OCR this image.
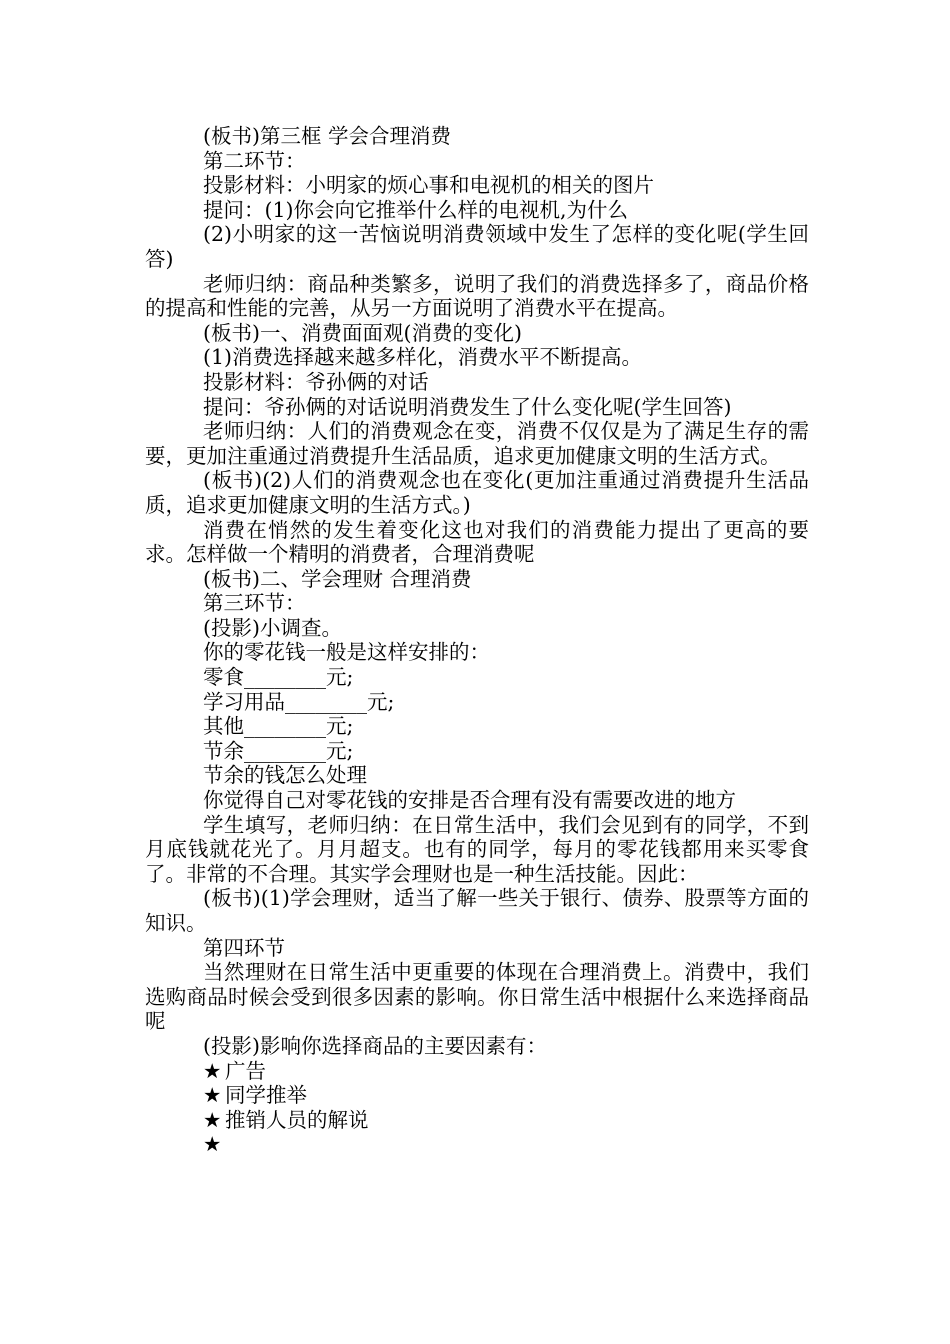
(板书)第三框 学会合理消费

第二环节：

投影材料：小明家的烦心事和电视机的相关的图片

提问：(1)你会向它推举什么样的电视机,为什么

(2)小明家的这一苦恼说明消费领域中发生了怎样的变化呢(学生回答)

老师归纳：商品种类繁多，说明了我们的消费选择多了，商品价格的提高和性能的完善，从另一方面说明了消费水平在提高。

(板书)一、消费面面观(消费的变化)

(1)消费选择越来越多样化，消费水平不断提高。

投影材料：爷孙俩的对话

提问：爷孙俩的对话说明消费发生了什么变化呢(学生回答)

老师归纳：人们的消费观念在变，消费不仅仅是为了满足生存的需要，更加注重通过消费提升生活品质，追求更加健康文明的生活方式。

(板书)(2)人们的消费观念也在变化(更加注重通过消费提升生活品质，追求更加健康文明的生活方式。)

消费在悄然的发生着变化这也对我们的消费能力提出了更高的要求。怎样做一个精明的消费者，合理消费呢

(板书)二、学会理财 合理消费

第三环节：

(投影)小调查。

你的零花钱一般是这样安排的：

零食________元;

学习用品________元;

其他________元;

节余________元;

节余的钱怎么处理

你觉得自己对零花钱的安排是否合理有没有需要改进的地方

学生填写，老师归纳：在日常生活中，我们会见到有的同学，不到月底钱就花光了。月月超支。也有的同学，每月的零花钱都用来买零食了。非常的不合理。其实学会理财也是一种生活技能。因此：

(板书)(1)学会理财，适当了解一些关于银行、债券、股票等方面的知识。

第四环节

当然理财在日常生活中更重要的体现在合理消费上。消费中，我们选购商品时候会受到很多因素的影响。你日常生活中根据什么来选择商品呢

(投影)影响你选择商品的主要因素有：

★ 广告

★ 同学推举

★ 推销人员的解说

★
